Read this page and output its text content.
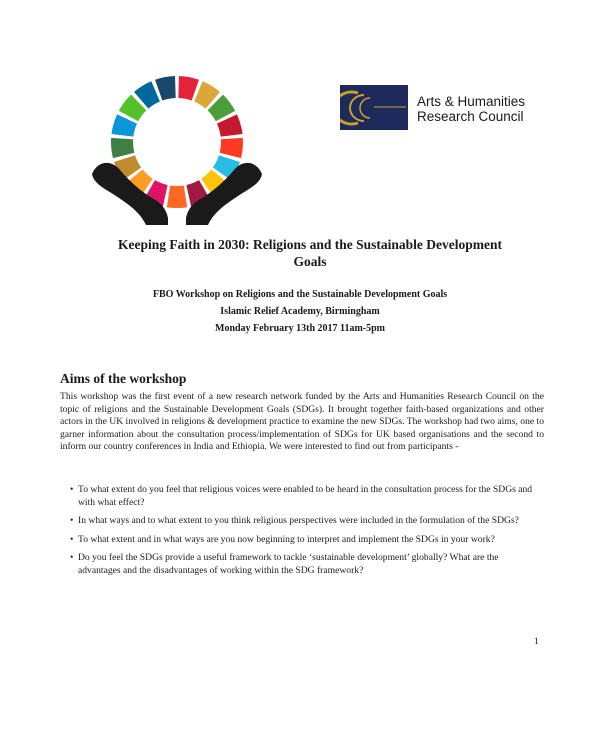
Arts & Humanities
Research Council
Keeping Faith in 2030: Religions and the Sustainable Development
Goals
FBO Workshop on Religions and the Sustainable Development Goals
Islamic Relief Academy, Birmingham
Monday February 13th 2017 11am-5pm
Aims of the workshop

This workshop was the first event of a new research network funded by the Arts and Humanities Research Council on the topic of religions and the Sustainable Development Goals (SDGs). It brought together faith-based organizations and other actors in the UK involved in religions & development practice to examine the new SDGs. The workshop had two aims, one to garner information about the consultation process/implementation of SDGs for UK based organisations and the second to inform our country conferences in India and Ethiopia. We were interested to find out from participants -

• To what extent do you feel that religious voices were enabled to be heard in the consultation process for the SDGs and with what effect?
• In what ways and to what extent to you think religious perspectives were included in the formulation of the SDGs?
• To what extent and in what ways are you now beginning to interpret and implement the SDGs in your work?
• Do you feel the SDGs provide a useful framework to tackle ‘sustainable development’ globally? What are the advantages and the disadvantages of working within the SDG framework?
1
